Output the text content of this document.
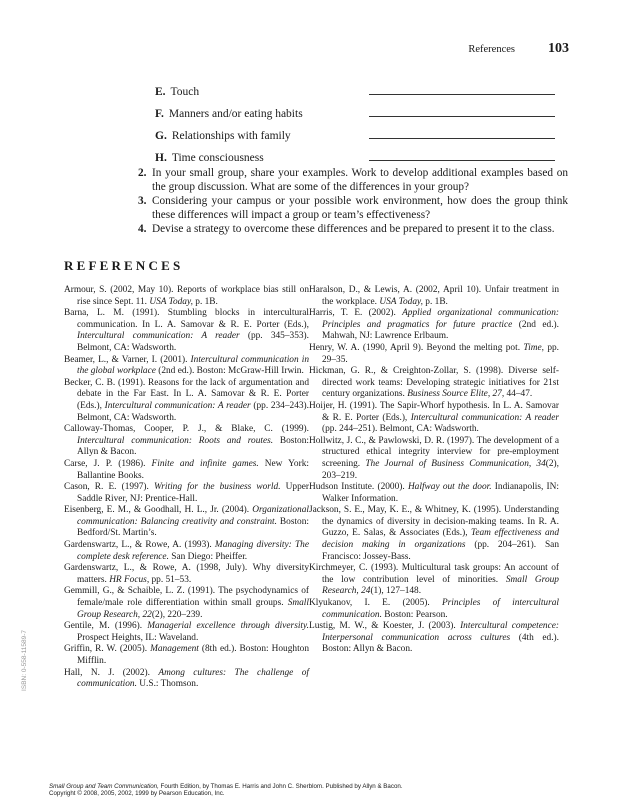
References 103
E. Touch
F. Manners and/or eating habits
G. Relationships with family
H. Time consciousness
2. In your small group, share your examples. Work to develop additional examples based on the group discussion. What are some of the differences in your group?
3. Considering your campus or your possible work environment, how does the group think these differences will impact a group or team’s effectiveness?
4. Devise a strategy to overcome these differences and be prepared to present it to the class.
REFERENCES
Armour, S. (2002, May 10). Reports of workplace bias still on rise since Sept. 11. USA Today, p. 1B.
Barna, L. M. (1991). Stumbling blocks in intercultural communication. In L. A. Samovar & R. E. Porter (Eds.), Intercultural communication: A reader (pp. 345–353). Belmont, CA: Wadsworth.
Beamer, L., & Varner, I. (2001). Intercultural communication in the global workplace (2nd ed.). Boston: McGraw-Hill Irwin.
Becker, C. B. (1991). Reasons for the lack of argumentation and debate in the Far East. In L. A. Samovar & R. E. Porter (Eds.), Intercultural communication: A reader (pp. 234–243). Belmont, CA: Wadsworth.
Calloway-Thomas, Cooper, P. J., & Blake, C. (1999). Intercultural communication: Roots and routes. Boston: Allyn & Bacon.
Carse, J. P. (1986). Finite and infinite games. New York: Ballantine Books.
Cason, R. E. (1997). Writing for the business world. Upper Saddle River, NJ: Prentice-Hall.
Eisenberg, E. M., & Goodhall, H. L., Jr. (2004). Organizational communication: Balancing creativity and constraint. Boston: Bedford/St. Martin’s.
Gardenswartz, L., & Rowe, A. (1993). Managing diversity: The complete desk reference. San Diego: Pheiffer.
Gardenswartz, L., & Rowe, A. (1998, July). Why diversity matters. HR Focus, pp. 51–53.
Gemmill, G., & Schaible, L. Z. (1991). The psychodynamics of female/male role differentiation within small groups. Small Group Research, 22(2), 220–239.
Gentile, M. (1996). Managerial excellence through diversity. Prospect Heights, IL: Waveland.
Griffin, R. W. (2005). Management (8th ed.). Boston: Houghton Mifflin.
Hall, N. J. (2002). Among cultures: The challenge of communication. U.S.: Thomson.
Haralson, D., & Lewis, A. (2002, April 10). Unfair treatment in the workplace. USA Today, p. 1B.
Harris, T. E. (2002). Applied organizational communication: Principles and pragmatics for future practice (2nd ed.). Mahwah, NJ: Lawrence Erlbaum.
Henry, W. A. (1990, April 9). Beyond the melting pot. Time, pp. 29–35.
Hickman, G. R., & Creighton-Zollar, S. (1998). Diverse self-directed work teams: Developing strategic initiatives for 21st century organizations. Business Source Elite, 27, 44–47.
Hoijer, H. (1991). The Sapir-Whorf hypothesis. In L. A. Samovar & R. E. Porter (Eds.), Intercultural communication: A reader (pp. 244–251). Belmont, CA: Wadsworth.
Hollwitz, J. C., & Pawlowski, D. R. (1997). The development of a structured ethical integrity interview for pre-employment screening. The Journal of Business Communication, 34(2), 203–219.
Hudson Institute. (2000). Halfway out the door. Indianapolis, IN: Walker Information.
Jackson, S. E., May, K. E., & Whitney, K. (1995). Understanding the dynamics of diversity in decision-making teams. In R. A. Guzzo, E. Salas, & Associates (Eds.), Team effectiveness and decision making in organizations (pp. 204–261). San Francisco: Jossey-Bass.
Kirchmeyer, C. (1993). Multicultural task groups: An account of the low contribution level of minorities. Small Group Research, 24(1), 127–148.
Klyukanov, I. E. (2005). Principles of intercultural communication. Boston: Pearson.
Lustig, M. W., & Koester, J. (2003). Intercultural competence: Interpersonal communication across cultures (4th ed.). Boston: Allyn & Bacon.
ISBN: 0-558-11589-7
Small Group and Team Communication, Fourth Edition, by Thomas E. Harris and John C. Sherblom. Published by Allyn & Bacon.
Copyright © 2008, 2005, 2002, 1999 by Pearson Education, Inc.
